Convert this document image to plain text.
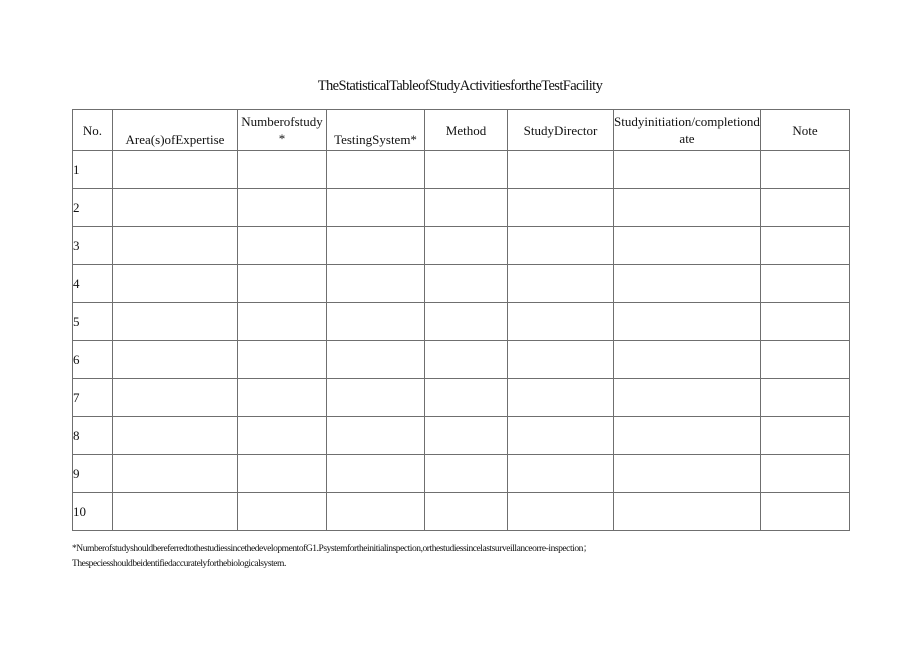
TheStatisticalTableofStudyActivitiesfortheTestFacility
No.	Area(s)ofExpertise	Numberofstudy*	TestingSystem*	Method	StudyDirector	Studyinitiation/completiondate	Note
1							
2							
3							
4							
5							
6							
7							
8							
9							
10							
*NumberofstudyshouldbereferredtothestudiessincethedevelopmentofG1.Psystemfortheinitialinspection,orthestudiessincelastsurveillanceorre-inspection；
Thespeciesshouldbeidentifiedaccuratelyforthebiologicalsystem.
